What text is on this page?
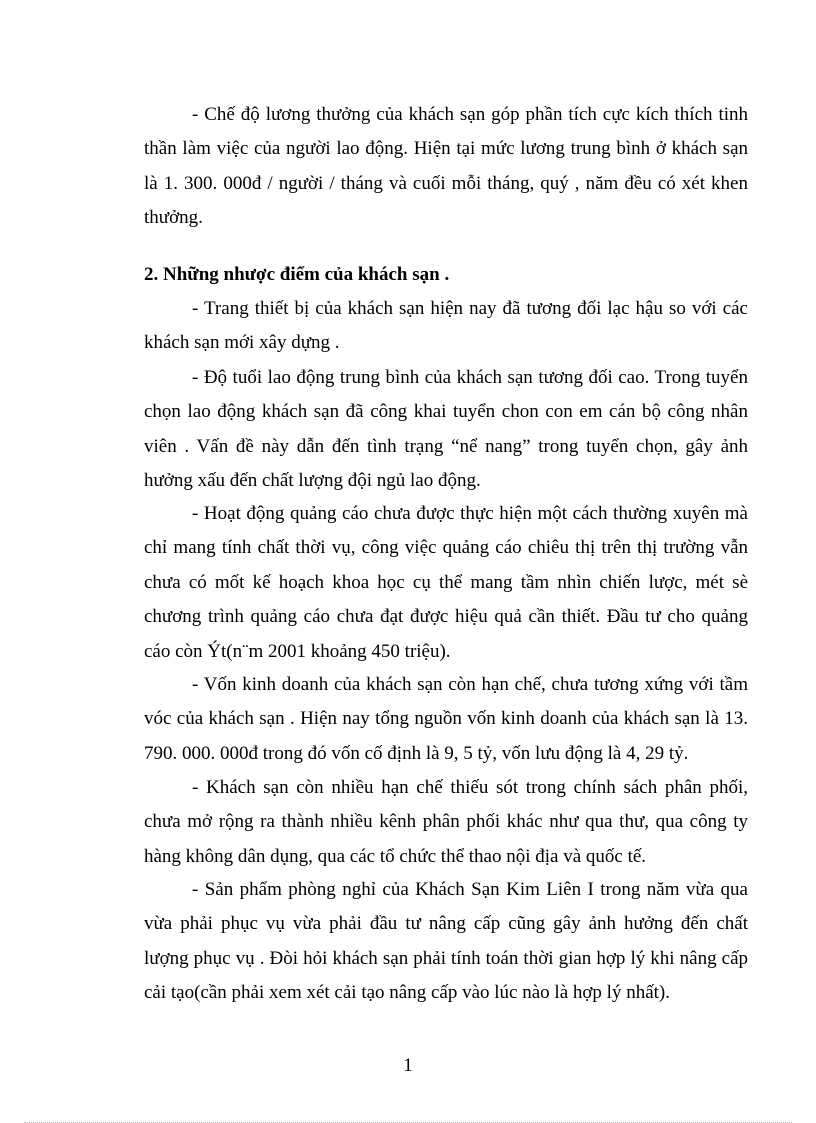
- Chế độ lương thưởng của khách sạn góp phần tích cực kích thích tinh thần làm việc của người lao động. Hiện tại mức lương trung bình ở khách sạn là 1. 300. 000đ / người / tháng và cuối mỗi tháng, quý , năm đều có xét khen thưởng.

2. Những nhược điểm của khách sạn .

- Trang thiết bị của khách sạn hiện nay đã tương đối lạc hậu so với các khách sạn mới xây dựng .

- Độ tuổi lao động trung bình của khách sạn tương đối cao. Trong tuyển chọn lao động khách sạn đã công khai tuyển chon con em cán bộ công nhân viên . Vấn đề này dẫn đến tình trạng “nể nang” trong tuyển chọn, gây ảnh hưởng xấu đến chất lượng đội ngủ lao động.

- Hoạt động quảng cáo chưa được thực hiện một cách thường xuyên mà chỉ mang tính chất thời vụ, công việc quảng cáo chiêu thị trên thị trường vẫn chưa có mốt kế hoạch khoa học cụ thể mang tầm nhìn chiến lược, mét sè chương trình quảng cáo chưa đạt được hiệu quả cần thiết. Đầu tư cho quảng cáo còn Ýt(n¨m 2001 khoảng 450 triệu).

- Vốn kinh doanh của khách sạn còn hạn chế, chưa tương xứng với tầm vóc của khách sạn . Hiện nay tổng nguồn vốn kinh doanh của khách sạn là 13. 790. 000. 000đ trong đó vốn cố định là 9, 5 tỷ, vốn lưu động là 4, 29 tỷ.

- Khách sạn còn nhiều hạn chế thiếu sót trong chính sách phân phối, chưa mở rộng ra thành nhiều kênh phân phối khác như qua thư, qua công ty hàng không dân dụng, qua các tổ chức thể thao nội địa và quốc tế.

- Sản phẩm phòng nghỉ của Khách Sạn Kim Liên I trong năm vừa qua vừa phải phục vụ vừa phải đầu tư nâng cấp cũng gây ảnh hưởng đến chất lượng phục vụ . Đòi hỏi khách sạn phải tính toán thời gian hợp lý khi nâng cấp cải tạo(cần phải xem xét cải tạo nâng cấp vào lúc nào là hợp lý nhất).

1
